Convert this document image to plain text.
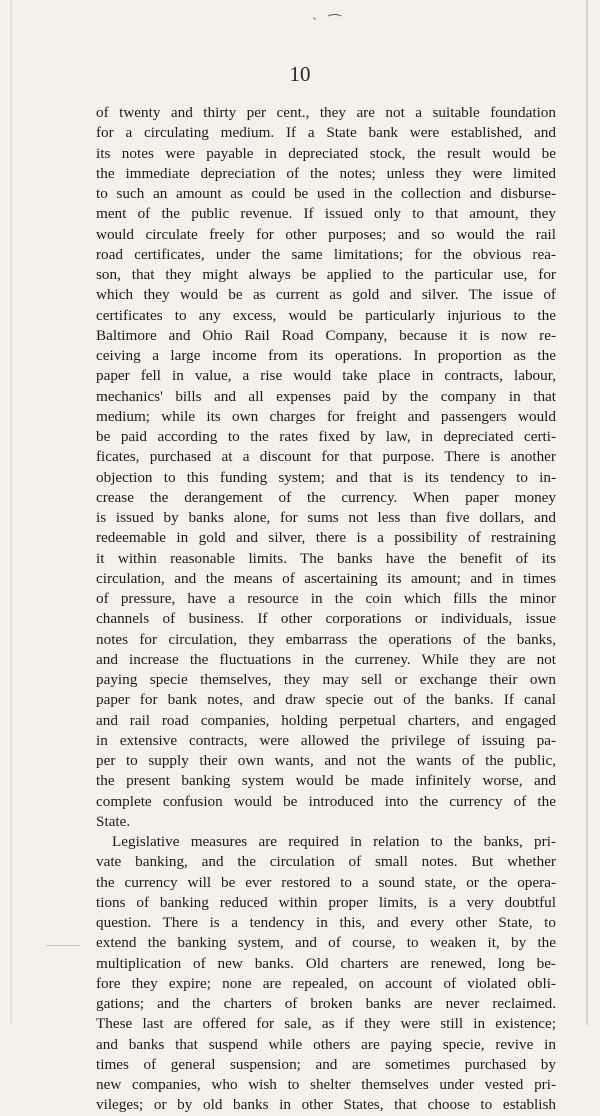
ˋ ⁀
10
of twenty and thirty per cent., they are not a suitable foundation
for a circulating medium. If a State bank were established, and
its notes were payable in depreciated stock, the result would be
the immediate depreciation of the notes; unless they were limited
to such an amount as could be used in the collection and disburse-
ment of the public revenue. If issued only to that amount, they
would circulate freely for other purposes; and so would the rail
road certificates, under the same limitations; for the obvious rea-
son, that they might always be applied to the particular use, for
which they would be as current as gold and silver. The issue of
certificates to any excess, would be particularly injurious to the
Baltimore and Ohio Rail Road Company, because it is now re-
ceiving a large income from its operations. In proportion as the
paper fell in value, a rise would take place in contracts, labour,
mechanics' bills and all expenses paid by the company in that
medium; while its own charges for freight and passengers would
be paid according to the rates fixed by law, in depreciated certi-
ficates, purchased at a discount for that purpose. There is another
objection to this funding system; and that is its tendency to in-
crease the derangement of the currency. When paper money
is issued by banks alone, for sums not less than five dollars, and
redeemable in gold and silver, there is a possibility of restraining
it within reasonable limits. The banks have the benefit of its
circulation, and the means of ascertaining its amount; and in times
of pressure, have a resource in the coin which fills the minor
channels of business. If other corporations or individuals, issue
notes for circulation, they embarrass the operations of the banks,
and increase the fluctuations in the curreney. While they are not
paying specie themselves, they may sell or exchange their own
paper for bank notes, and draw specie out of the banks. If canal
and rail road companies, holding perpetual charters, and engaged
in extensive contracts, were allowed the privilege of issuing pa-
per to supply their own wants, and not the wants of the public,
the present banking system would be made infinitely worse, and
complete confusion would be introduced into the currency of the
State.
Legislative measures are required in relation to the banks, pri-
vate banking, and the circulation of small notes. But whether
the currency will be ever restored to a sound state, or the opera-
tions of banking reduced within proper limits, is a very doubtful
question. There is a tendency in this, and every other State, to
extend the banking system, and of course, to weaken it, by the
multiplication of new banks. Old charters are renewed, long be-
fore they expire; none are repealed, on account of violated obli-
gations; and the charters of broken banks are never reclaimed.
These last are offered for sale, as if they were still in existence;
and banks that suspend while others are paying specie, revive in
times of general suspension; and are sometimes purchased by
new companies, who wish to shelter themselves under vested pri-
vileges; or by old banks in other States, that choose to establish
